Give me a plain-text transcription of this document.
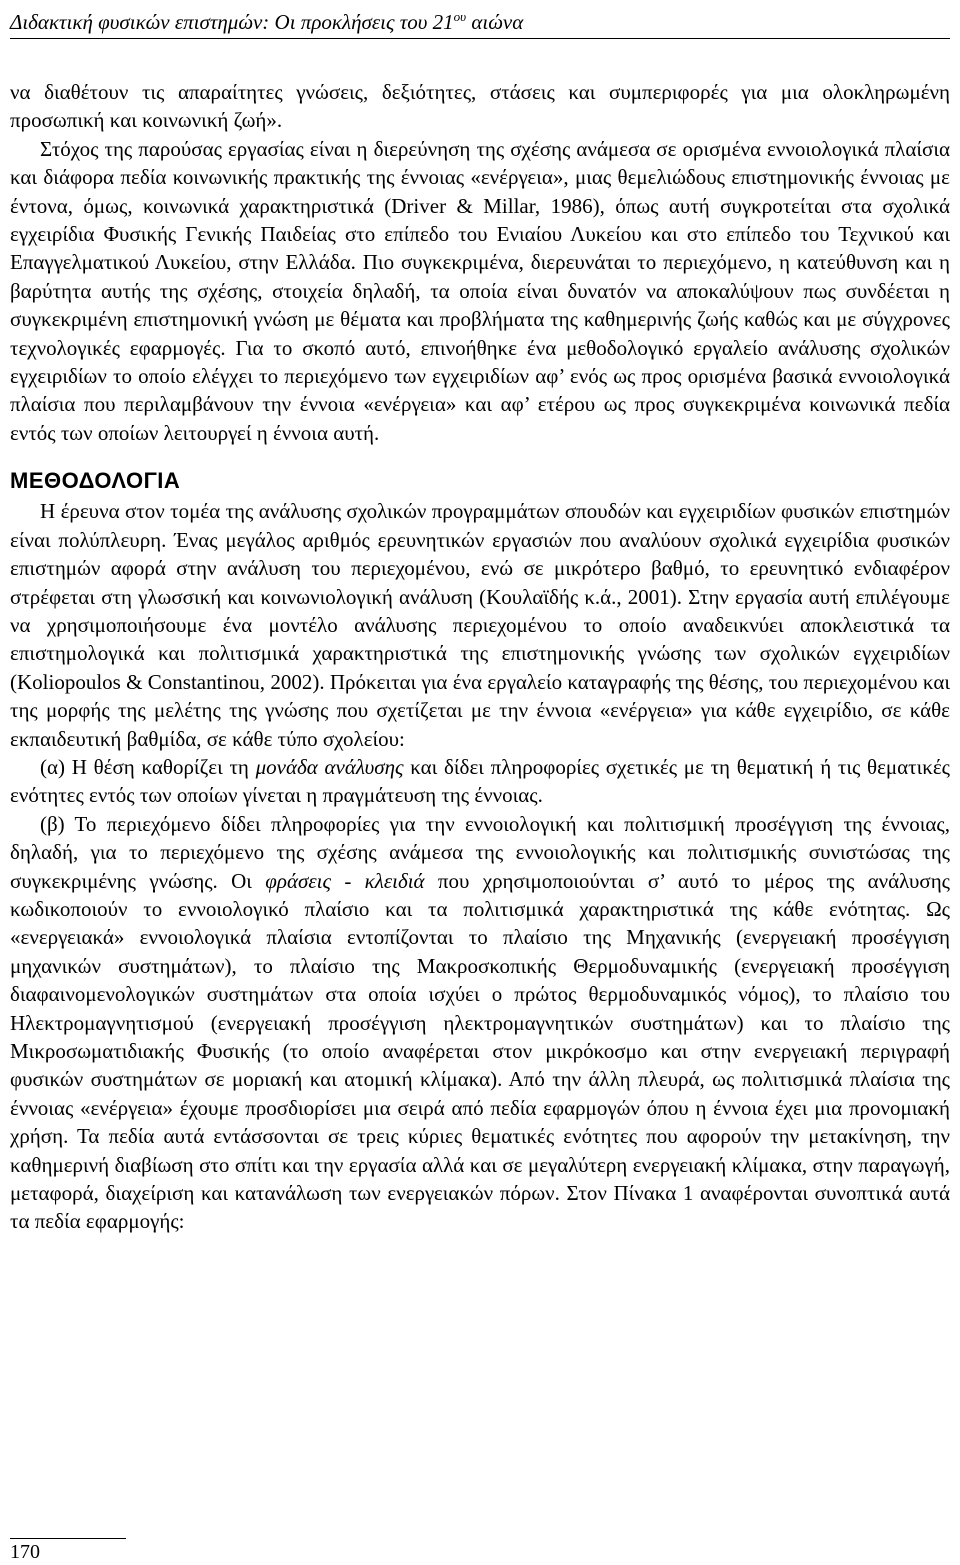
Διδακτική φυσικών επιστημών: Οι προκλήσεις του $21^{o\upsilon}$ αιώνα

να διαθέτουν τις απαραίτητες γνώσεις, δεξιότητες, στάσεις και συμπεριφορές για μια ολοκληρωμένη προσωπική και κοινωνική ζωή».

Στόχος της παρούσας εργασίας είναι η διερεύνηση της σχέσης ανάμεσα σε ορισμένα εννοιολογικά πλαίσια και διάφορα πεδία κοινωνικής πρακτικής της έννοιας «ενέργεια», μιας θεμελιώδους επιστημονικής έννοιας με έντονα, όμως, κοινωνικά χαρακτηριστικά (Driver & Millar, 1986), όπως αυτή συγκροτείται στα σχολικά εγχειρίδια Φυσικής Γενικής Παιδείας στο επίπεδο του Ενιαίου Λυκείου και στο επίπεδο του Τεχνικού και Επαγγελματικού Λυκείου, στην Ελλάδα. Πιο συγκεκριμένα, διερευνάται το περιεχόμενο, η κατεύθυνση και η βαρύτητα αυτής της σχέσης, στοιχεία δηλαδή, τα οποία είναι δυνατόν να αποκαλύψουν πως συνδέεται η συγκεκριμένη επιστημονική γνώση με θέματα και προβλήματα της καθημερινής ζωής καθώς και με σύγχρονες τεχνολογικές εφαρμογές. Για το σκοπό αυτό, επινοήθηκε ένα μεθοδολογικό εργαλείο ανάλυσης σχολικών εγχειριδίων το οποίο ελέγχει το περιεχόμενο των εγχειριδίων αφ’ ενός ως προς ορισμένα βασικά εννοιολογικά πλαίσια που περιλαμβάνουν την έννοια «ενέργεια» και αφ’ ετέρου ως προς συγκεκριμένα κοινωνικά πεδία εντός των οποίων λειτουργεί η έννοια αυτή.

ΜΕΘΟΔΟΛΟΓΙΑ

Η έρευνα στον τομέα της ανάλυσης σχολικών προγραμμάτων σπουδών και εγχειριδίων φυσικών επιστημών είναι πολύπλευρη. Ένας μεγάλος αριθμός ερευνητικών εργασιών που αναλύουν σχολικά εγχειρίδια φυσικών επιστημών αφορά στην ανάλυση του περιεχομένου, ενώ σε μικρότερο βαθμό, το ερευνητικό ενδιαφέρον στρέφεται στη γλωσσική και κοινωνιολογική ανάλυση (Κουλαϊδής κ.ά., 2001). Στην εργασία αυτή επιλέγουμε να χρησιμοποιήσουμε ένα μοντέλο ανάλυσης περιεχομένου το οποίο αναδεικνύει αποκλειστικά τα επιστημολογικά και πολιτισμικά χαρακτηριστικά της επιστημονικής γνώσης των σχολικών εγχειριδίων (Koliopoulos & Constantinou, 2002). Πρόκειται για ένα εργαλείο καταγραφής της θέσης, του περιεχομένου και της μορφής της μελέτης της γνώσης που σχετίζεται με την έννοια «ενέργεια» για κάθε εγχειρίδιο, σε κάθε εκπαιδευτική βαθμίδα, σε κάθε τύπο σχολείου:

(α) Η θέση καθορίζει τη μονάδα ανάλυσης και δίδει πληροφορίες σχετικές με τη θεματική ή τις θεματικές ενότητες εντός των οποίων γίνεται η πραγμάτευση της έννοιας.

(β) Το περιεχόμενο δίδει πληροφορίες για την εννοιολογική και πολιτισμική προσέγγιση της έννοιας, δηλαδή, για το περιεχόμενο της σχέσης ανάμεσα της εννοιολογικής και πολιτισμικής συνιστώσας της συγκεκριμένης γνώσης. Οι φράσεις - κλειδιά που χρησιμοποιούνται σ’ αυτό το μέρος της ανάλυσης κωδικοποιούν το εννοιολογικό πλαίσιο και τα πολιτισμικά χαρακτηριστικά της κάθε ενότητας. Ως «ενεργειακά» εννοιολογικά πλαίσια εντοπίζονται το πλαίσιο της Μηχανικής (ενεργειακή προσέγγιση μηχανικών συστημάτων), το πλαίσιο της Μακροσκοπικής Θερμοδυναμικής (ενεργειακή προσέγγιση διαφαινομενολογικών συστημάτων στα οποία ισχύει ο πρώτος θερμοδυναμικός νόμος), το πλαίσιο του Ηλεκτρομαγνητισμού (ενεργειακή προσέγγιση ηλεκτρομαγνητικών συστημάτων) και το πλαίσιο της Μικροσωματιδιακής Φυσικής (το οποίο αναφέρεται στον μικρόκοσμο και στην ενεργειακή περιγραφή φυσικών συστημάτων σε μοριακή και ατομική κλίμακα). Από την άλλη πλευρά, ως πολιτισμικά πλαίσια της έννοιας «ενέργεια» έχουμε προσδιορίσει μια σειρά από πεδία εφαρμογών όπου η έννοια έχει μια προνομιακή χρήση. Τα πεδία αυτά εντάσσονται σε τρεις κύριες θεματικές ενότητες που αφορούν την μετακίνηση, την καθημερινή διαβίωση στο σπίτι και την εργασία αλλά και σε μεγαλύτερη ενεργειακή κλίμακα, στην παραγωγή, μεταφορά, διαχείριση και κατανάλωση των ενεργειακών πόρων. Στον Πίνακα 1 αναφέρονται συνοπτικά αυτά τα πεδία εφαρμογής:

170
